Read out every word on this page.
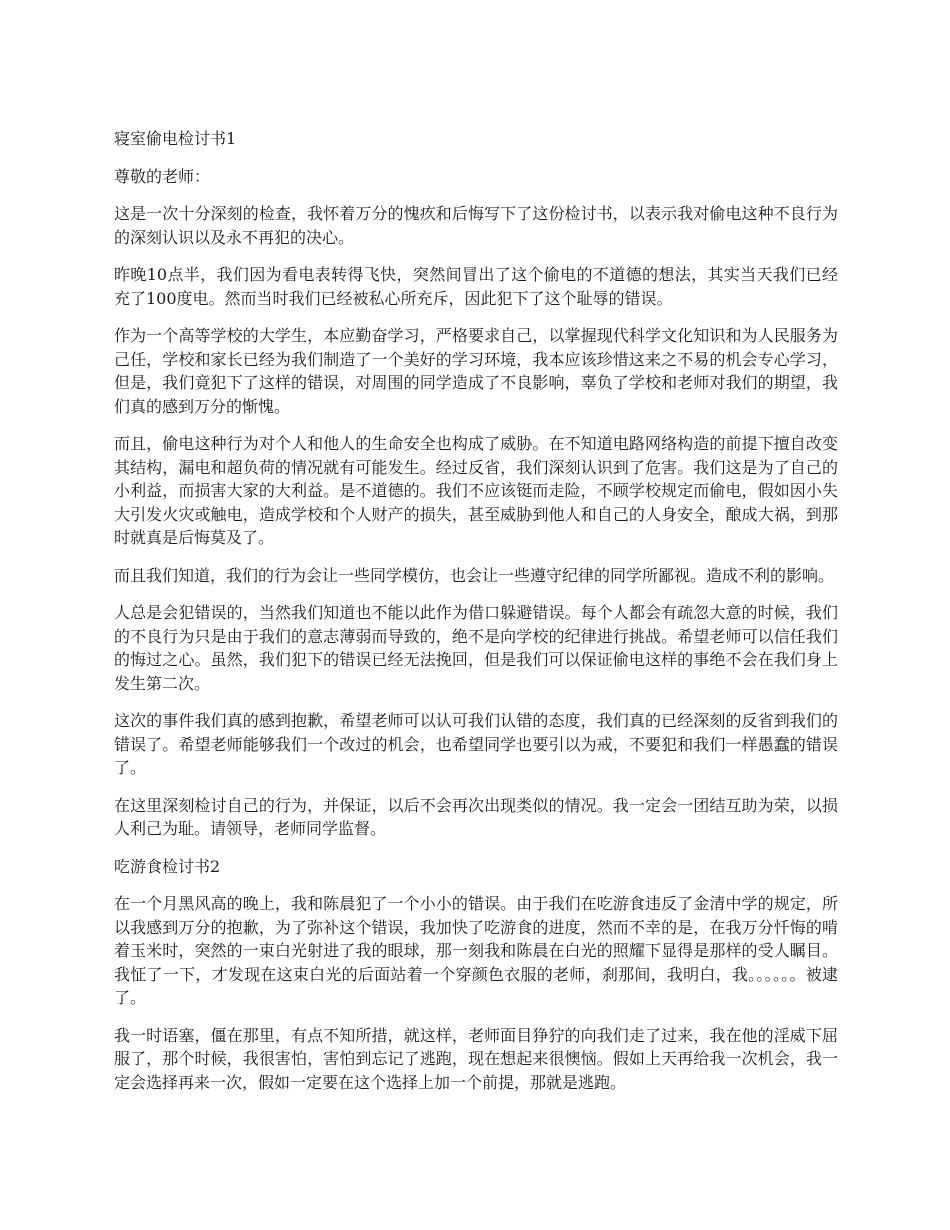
寝室偷电检讨书1

尊敬的老师：

这是一次十分深刻的检查，我怀着万分的愧疚和后悔写下了这份检讨书，以表示我对偷电这种不良行为的深刻认识以及永不再犯的决心。

昨晚10点半，我们因为看电表转得飞快，突然间冒出了这个偷电的不道德的想法，其实当天我们已经充了100度电。然而当时我们已经被私心所充斥，因此犯下了这个耻辱的错误。

作为一个高等学校的大学生，本应勤奋学习，严格要求自己，以掌握现代科学文化知识和为人民服务为己任，学校和家长已经为我们制造了一个美好的学习环境，我本应该珍惜这来之不易的机会专心学习，但是，我们竟犯下了这样的错误，对周围的同学造成了不良影响，辜负了学校和老师对我们的期望，我们真的感到万分的惭愧。

而且，偷电这种行为对个人和他人的生命安全也构成了威胁。在不知道电路网络构造的前提下擅自改变其结构，漏电和超负荷的情况就有可能发生。经过反省，我们深刻认识到了危害。我们这是为了自己的小利益，而损害大家的大利益。是不道德的。我们不应该铤而走险，不顾学校规定而偷电，假如因小失大引发火灾或触电，造成学校和个人财产的损失，甚至威胁到他人和自己的人身安全，酿成大祸，到那时就真是后悔莫及了。

而且我们知道，我们的行为会让一些同学模仿，也会让一些遵守纪律的同学所鄙视。造成不利的影响。

人总是会犯错误的，当然我们知道也不能以此作为借口躲避错误。每个人都会有疏忽大意的时候，我们的不良行为只是由于我们的意志薄弱而导致的，绝不是向学校的纪律进行挑战。希望老师可以信任我们的悔过之心。虽然，我们犯下的错误已经无法挽回，但是我们可以保证偷电这样的事绝不会在我们身上发生第二次。

这次的事件我们真的感到抱歉，希望老师可以认可我们认错的态度，我们真的已经深刻的反省到我们的错误了。希望老师能够我们一个改过的机会，也希望同学也要引以为戒，不要犯和我们一样愚蠢的错误了。

在这里深刻检讨自己的行为，并保证，以后不会再次出现类似的情况。我一定会一团结互助为荣，以损人利己为耻。请领导，老师同学监督。

吃游食检讨书2

在一个月黑风高的晚上，我和陈晨犯了一个小小的错误。由于我们在吃游食违反了金清中学的规定，所以我感到万分的抱歉，为了弥补这个错误，我加快了吃游食的进度，然而不幸的是，在我万分忏悔的啃着玉米时，突然的一束白光射进了我的眼球，那一刻我和陈晨在白光的照耀下显得是那样的受人瞩目。我怔了一下，才发现在这束白光的后面站着一个穿颜色衣服的老师，刹那间，我明白，我。。。。。。被逮了。

我一时语塞，僵在那里，有点不知所措，就这样，老师面目狰狞的向我们走了过来，我在他的淫威下屈服了，那个时候，我很害怕，害怕到忘记了逃跑，现在想起来很懊恼。假如上天再给我一次机会，我一定会选择再来一次，假如一定要在这个选择上加一个前提，那就是逃跑。
